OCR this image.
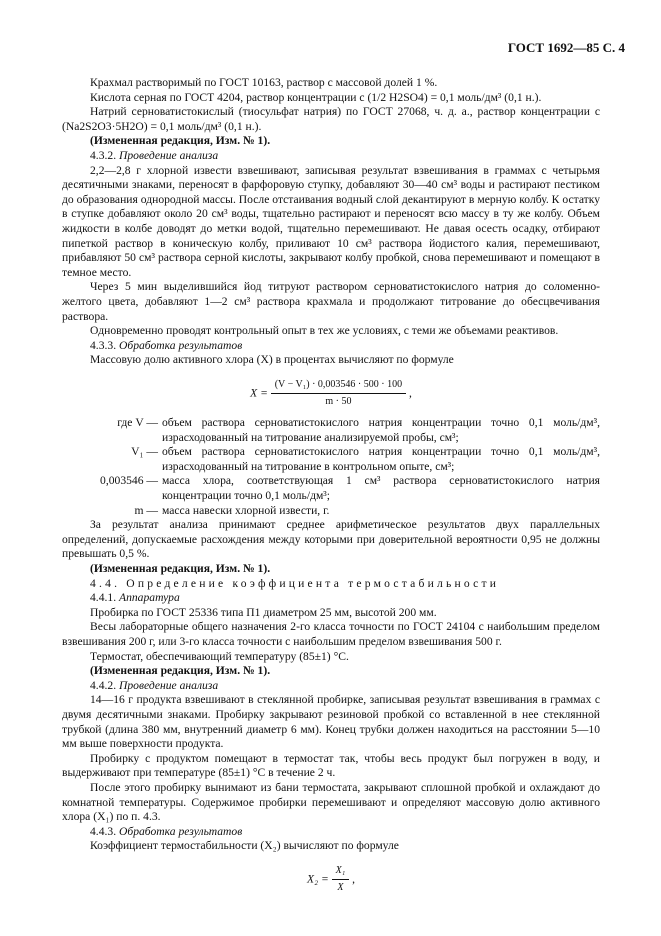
ГОСТ 1692—85 С. 4

Крахмал растворимый по ГОСТ 10163, раствор с массовой долей 1 %.

Кислота серная по ГОСТ 4204, раствор концентрации c (1/2 H2SO4) = 0,1 моль/дм³ (0,1 н.).

Натрий серноватистокислый (тиосульфат натрия) по ГОСТ 27068, ч. д. а., раствор концентрации c (Na2S2O3·5H2O) = 0,1 моль/дм³ (0,1 н.).

(Измененная редакция, Изм. № 1).

4.3.2. Проведение анализа

2,2—2,8 г хлорной извести взвешивают, записывая результат взвешивания в граммах с четырьмя десятичными знаками, переносят в фарфоровую ступку, добавляют 30—40 см³ воды и растирают пестиком до образования однородной массы. После отстаивания водный слой декантируют в мерную колбу. К остатку в ступке добавляют около 20 см³ воды, тщательно растирают и переносят всю массу в ту же колбу. Объем жидкости в колбе доводят до метки водой, тщательно перемешивают. Не давая осесть осадку, отбирают пипеткой раствор в коническую колбу, приливают 10 см³ раствора йодистого калия, перемешивают, прибавляют 50 см³ раствора серной кислоты, закрывают колбу пробкой, снова перемешивают и помещают в темное место.

Через 5 мин выделившийся йод титруют раствором серноватистокислого натрия до соломенно-желтого цвета, добавляют 1—2 см³ раствора крахмала и продолжают титрование до обесцвечивания раствора.

Одновременно проводят контрольный опыт в тех же условиях, с теми же объемами реактивов.

4.3.3. Обработка результатов

Массовую долю активного хлора (X) в процентах вычисляют по формуле

$X = \frac{\text{(V − V₁) · 0,003546 · 500 · 100}}{m \cdot 50}$ ,
где V — объем раствора серноватистокислого натрия концентрации точно 0,1 моль/дм³, израсходованный на титрование анализируемой пробы, см³;
V₁ — объем раствора серноватистокислого натрия концентрации точно 0,1 моль/дм³, израсходованный на титрование в контрольном опыте, см³;
0,003546 — масса хлора, соответствующая 1 см³ раствора серноватистокислого натрия концентрации точно 0,1 моль/дм³;
m — масса навески хлорной извести, г.

За результат анализа принимают среднее арифметическое результатов двух параллельных определений, допускаемые расхождения между которыми при доверительной вероятности 0,95 не должны превышать 0,5 %.

(Измененная редакция, Изм. № 1).

4.4. Определение коэффициента термостабильности

4.4.1. Аппаратура

Пробирка по ГОСТ 25336 типа П1 диаметром 25 мм, высотой 200 мм.

Весы лабораторные общего назначения 2-го класса точности по ГОСТ 24104 с наибольшим пределом взвешивания 200 г, или 3-го класса точности с наибольшим пределом взвешивания 500 г.

Термостат, обеспечивающий температуру (85±1) °С.

(Измененная редакция, Изм. № 1).

4.4.2. Проведение анализа

14—16 г продукта взвешивают в стеклянной пробирке, записывая результат взвешивания в граммах с двумя десятичными знаками. Пробирку закрывают резиновой пробкой со вставленной в нее стеклянной трубкой (длина 380 мм, внутренний диаметр 6 мм). Конец трубки должен находиться на расстоянии 5—10 мм выше поверхности продукта.

Пробирку с продуктом помещают в термостат так, чтобы весь продукт был погружен в воду, и выдерживают при температуре (85±1) °С в течение 2 ч.

После этого пробирку вынимают из бани термостата, закрывают сплошной пробкой и охлаждают до комнатной температуры. Содержимое пробирки перемешивают и определяют массовую долю активного хлора (X₁) по п. 4.3.

4.4.3. Обработка результатов

Коэффициент термостабильности (X₂) вычисляют по формуле

$X_2 = \frac{\text{X₁}}{X}$ ,
